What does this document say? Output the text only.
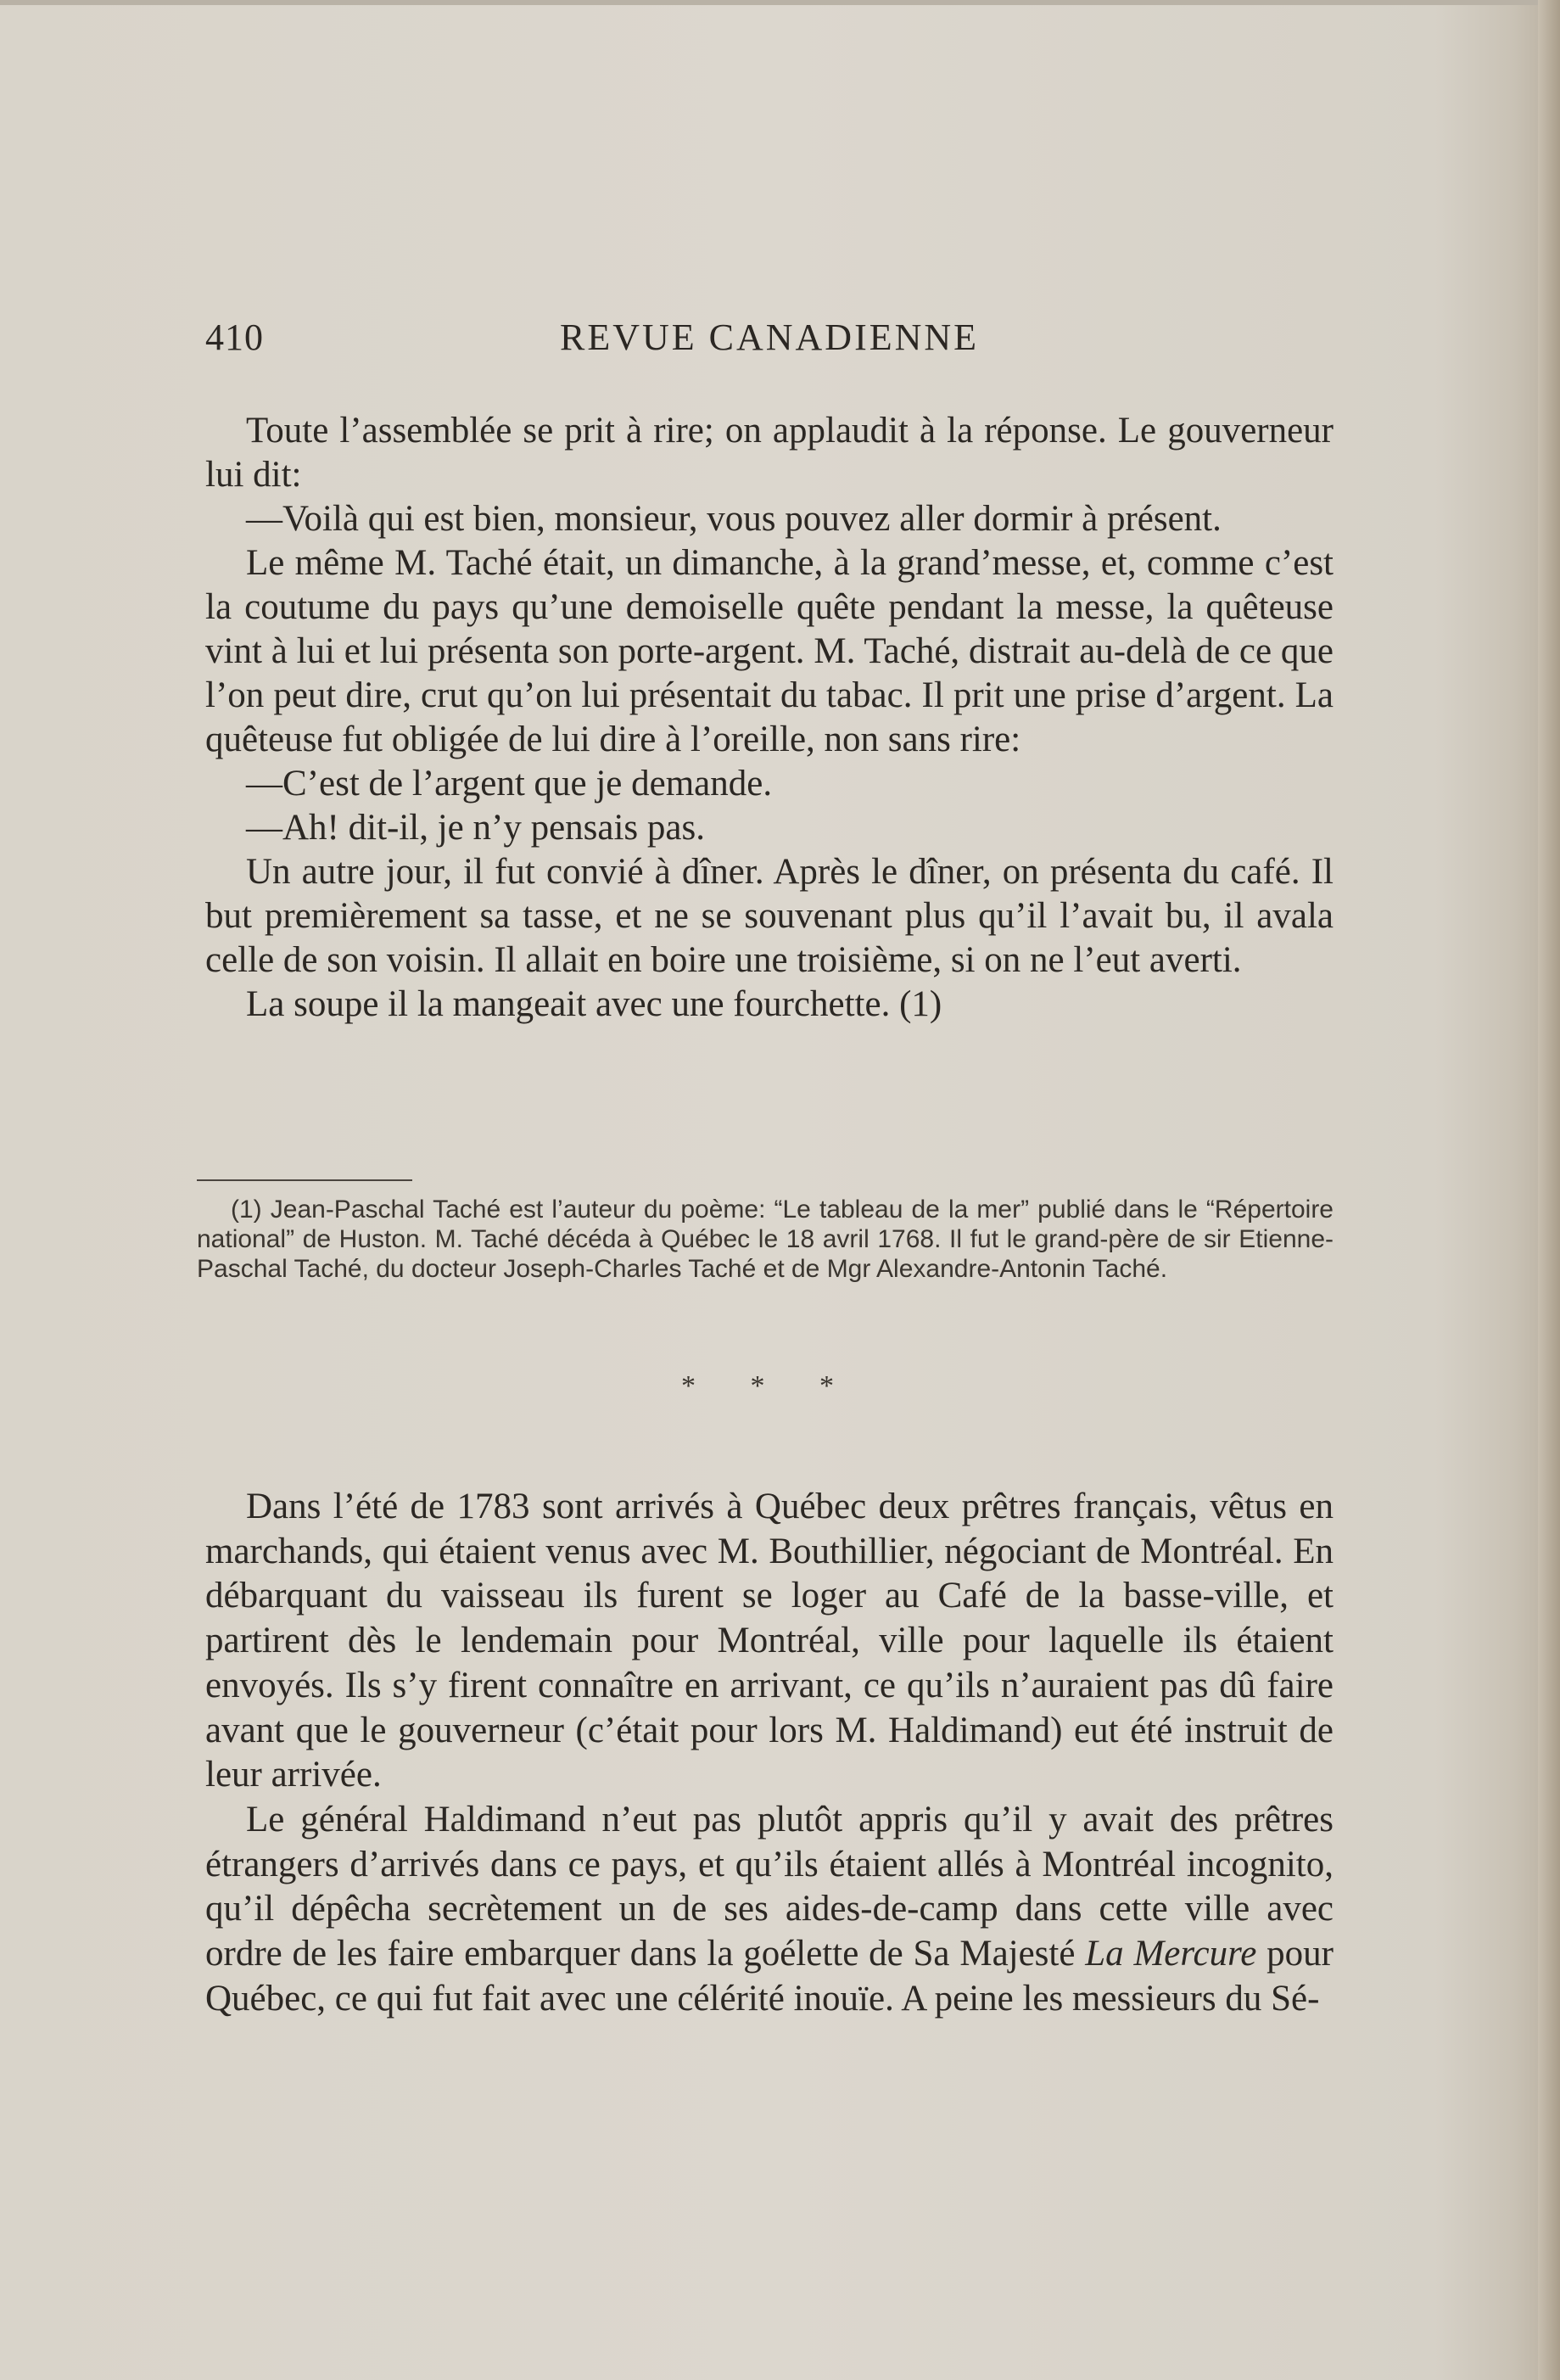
410	REVUE CANADIENNE

Toute l’assemblée se prit à rire; on applaudit à la réponse. Le gouverneur lui dit:

—Voilà qui est bien, monsieur, vous pouvez aller dormir à présent.

Le même M. Taché était, un dimanche, à la grand’messe, et, comme c’est la coutume du pays qu’une demoiselle quête pendant la messe, la quêteuse vint à lui et lui présenta son porte-argent. M. Taché, distrait au-delà de ce que l’on peut dire, crut qu’on lui présentait du tabac. Il prit une prise d’argent. La quêteuse fut obligée de lui dire à l’oreille, non sans rire:

—C’est de l’argent que je demande.

—Ah! dit-il, je n’y pensais pas.

Un autre jour, il fut convié à dîner. Après le dîner, on présenta du café. Il but premièrement sa tasse, et ne se souvenant plus qu’il l’avait bu, il avala celle de son voisin. Il allait en boire une troisième, si on ne l’eut averti.

La soupe il la mangeait avec une fourchette. (1)

(1) Jean-Paschal Taché est l’auteur du poème: “Le tableau de la mer” publié dans le “Répertoire national” de Huston. M. Taché décéda à Québec le 18 avril 1768. Il fut le grand-père de sir Etienne-Paschal Taché, du docteur Joseph-Charles Taché et de Mgr Alexandre-Antonin Taché.

* * *

Dans l’été de 1783 sont arrivés à Québec deux prêtres français, vêtus en marchands, qui étaient venus avec M. Bouthillier, négociant de Montréal. En débarquant du vaisseau ils furent se loger au Café de la basse-ville, et partirent dès le lendemain pour Montréal, ville pour laquelle ils étaient envoyés. Ils s’y firent connaître en arrivant, ce qu’ils n’auraient pas dû faire avant que le gouverneur (c’était pour lors M. Haldimand) eut été instruit de leur arrivée.

Le général Haldimand n’eut pas plutôt appris qu’il y avait des prêtres étrangers d’arrivés dans ce pays, et qu’ils étaient allés à Montréal incognito, qu’il dépêcha secrètement un de ses aides-de-camp dans cette ville avec ordre de les faire embarquer dans la goélette de Sa Majesté La Mercure pour Québec, ce qui fut fait avec une célérité inouïe. A peine les messieurs du Sé-
